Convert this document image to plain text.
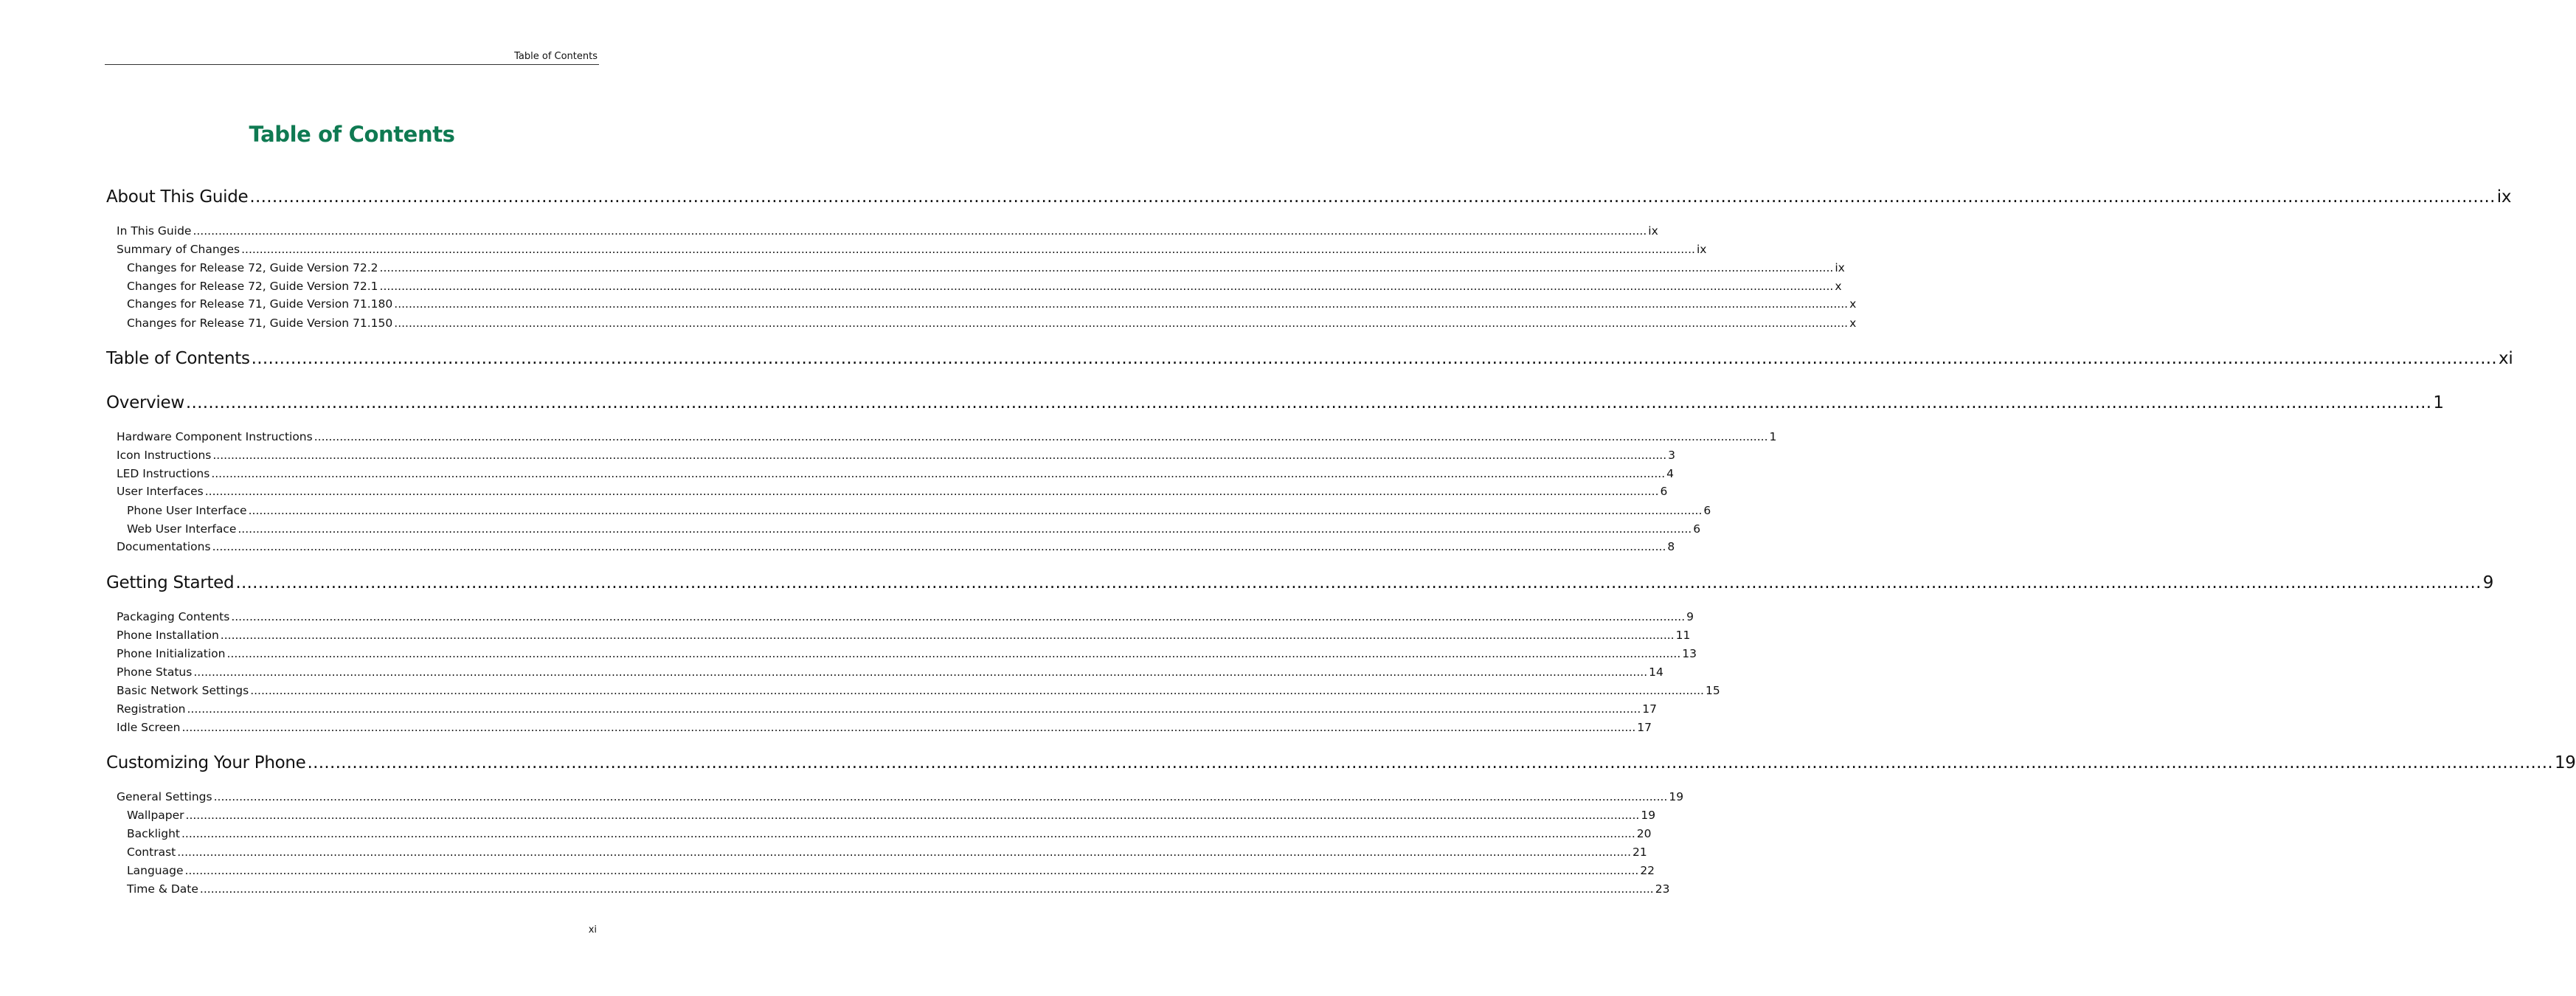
Table of Contents
Table of Contents
About This Guide ................................................................................................................................................................................................................................................................................................................................................................................................................ ix
In This Guide ................................................................................................................................................................................................................................................................................................................................................................................................................ ix
Summary of Changes ................................................................................................................................................................................................................................................................................................................................................................................................................ ix
Changes for Release 72, Guide Version 72.2 ................................................................................................................................................................................................................................................................................................................................................................................................................ ix
Changes for Release 72, Guide Version 72.1 ................................................................................................................................................................................................................................................................................................................................................................................................................ x
Changes for Release 71, Guide Version 71.180 ................................................................................................................................................................................................................................................................................................................................................................................................................ x
Changes for Release 71, Guide Version 71.150 ................................................................................................................................................................................................................................................................................................................................................................................................................ x
Table of Contents ................................................................................................................................................................................................................................................................................................................................................................................................................ xi
Overview ................................................................................................................................................................................................................................................................................................................................................................................................................ 1
Hardware Component Instructions ................................................................................................................................................................................................................................................................................................................................................................................................................ 1
Icon Instructions ................................................................................................................................................................................................................................................................................................................................................................................................................ 3
LED Instructions ................................................................................................................................................................................................................................................................................................................................................................................................................ 4
User Interfaces ................................................................................................................................................................................................................................................................................................................................................................................................................ 6
Phone User Interface ................................................................................................................................................................................................................................................................................................................................................................................................................ 6
Web User Interface ................................................................................................................................................................................................................................................................................................................................................................................................................ 6
Documentations ................................................................................................................................................................................................................................................................................................................................................................................................................ 8
Getting Started ................................................................................................................................................................................................................................................................................................................................................................................................................ 9
Packaging Contents ................................................................................................................................................................................................................................................................................................................................................................................................................ 9
Phone Installation ................................................................................................................................................................................................................................................................................................................................................................................................................ 11
Phone Initialization ................................................................................................................................................................................................................................................................................................................................................................................................................ 13
Phone Status ................................................................................................................................................................................................................................................................................................................................................................................................................ 14
Basic Network Settings ................................................................................................................................................................................................................................................................................................................................................................................................................ 15
Registration ................................................................................................................................................................................................................................................................................................................................................................................................................ 17
Idle Screen ................................................................................................................................................................................................................................................................................................................................................................................................................ 17
Customizing Your Phone ................................................................................................................................................................................................................................................................................................................................................................................................................ 19
General Settings ................................................................................................................................................................................................................................................................................................................................................................................................................ 19
Wallpaper ................................................................................................................................................................................................................................................................................................................................................................................................................ 19
Backlight ................................................................................................................................................................................................................................................................................................................................................................................................................ 20
Contrast ................................................................................................................................................................................................................................................................................................................................................................................................................ 21
Language ................................................................................................................................................................................................................................................................................................................................................................................................................ 22
Time & Date ................................................................................................................................................................................................................................................................................................................................................................................................................ 23
xi
